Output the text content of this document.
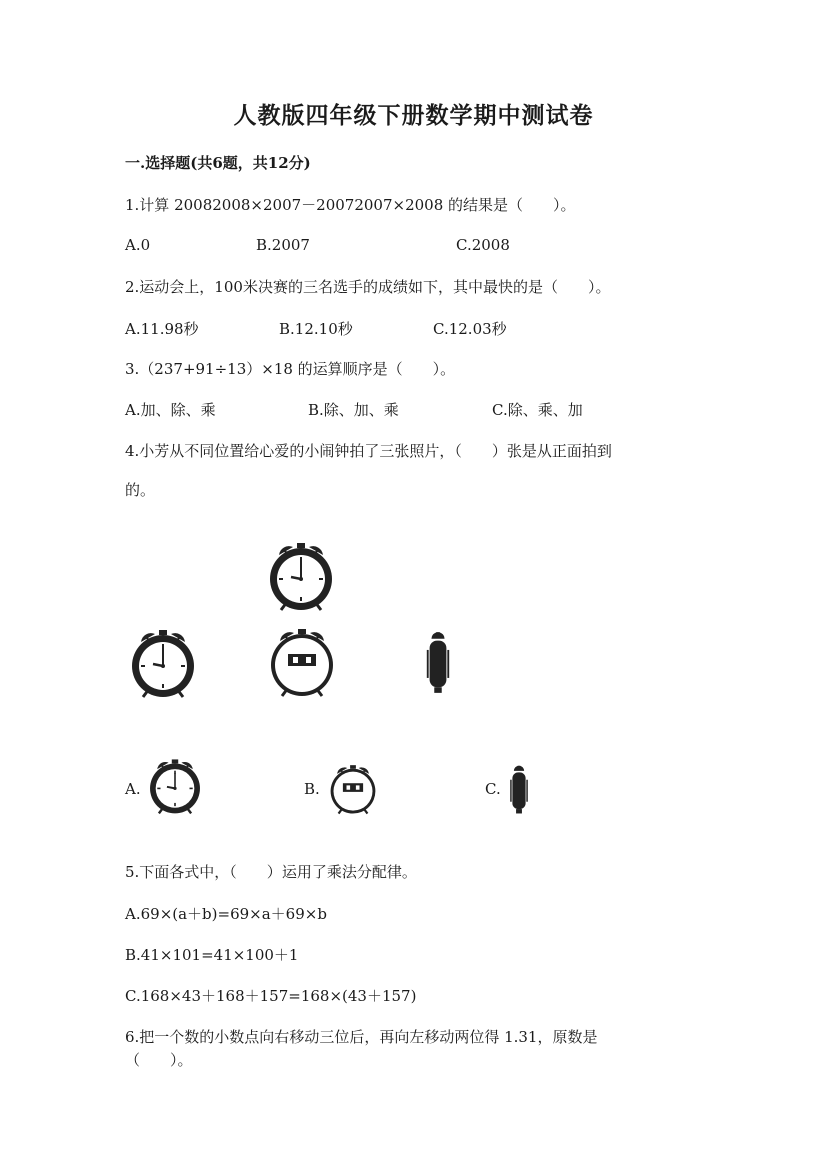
人教版四年级下册数学期中测试卷
一.选择题(共6题，共12分)
1.计算 20082008×2007－20072007×2008 的结果是（　　）。
A.0	B.2007	C.2008
2.运动会上，100米决赛的三名选手的成绩如下，其中最快的是（　　）。
A.11.98秒	B.12.10秒	C.12.03秒
3.（237+91÷13）×18 的运算顺序是（　　）。
A.加、除、乘	B.除、加、乘	C.除、乘、加
4.小芳从不同位置给心爱的小闹钟拍了三张照片，（　　）张是从正面拍到
的。
A.	B.	C.
5.下面各式中，（　　）运用了乘法分配律。
A.69×(a＋b)=69×a＋69×b
B.41×101=41×100＋1
C.168×43＋168＋157=168×(43＋157)
6.把一个数的小数点向右移动三位后，再向左移动两位得 1.31，原数是
（　　）。
